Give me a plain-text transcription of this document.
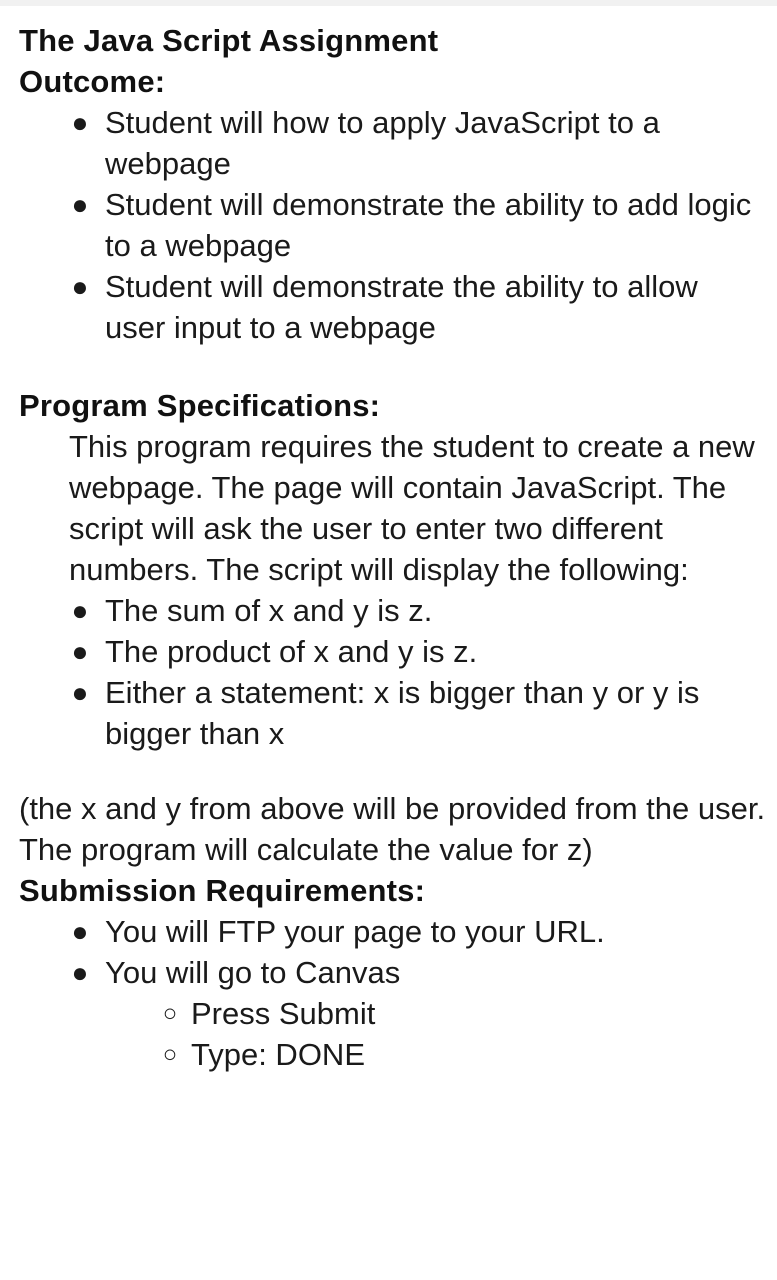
The Java Script Assignment
Outcome:
● Student will how to apply JavaScript to a webpage
● Student will demonstrate the ability to add logic to a webpage
● Student will demonstrate the ability to allow user input to a webpage
Program Specifications:

This program requires the student to create a new webpage. The page will contain JavaScript. The script will ask the user to enter two different numbers. The script will display the following:

● The sum of x and y is z.
● The product of x and y is z.
● Either a statement: x is bigger than y or y is bigger than x

(the x and y from above will be provided from the user. The program will calculate the value for z)

Submission Requirements:
● You will FTP your page to your URL.
● You will go to Canvas
○ Press Submit
○ Type: DONE
